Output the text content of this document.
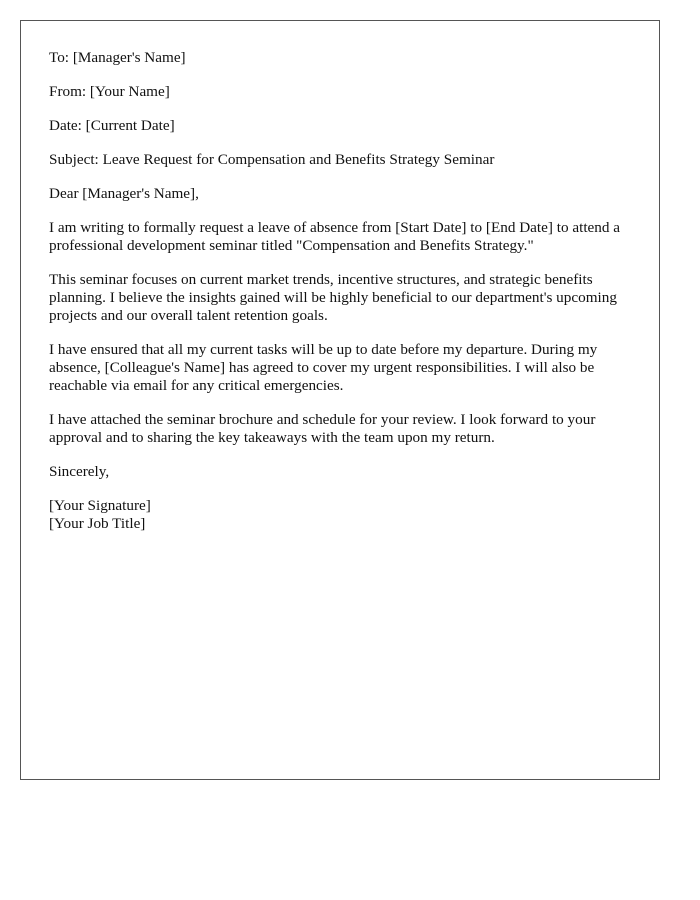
To: [Manager's Name]
From: [Your Name]
Date: [Current Date]
Subject: Leave Request for Compensation and Benefits Strategy Seminar
Dear [Manager's Name],

I am writing to formally request a leave of absence from [Start Date] to [End Date] to attend a professional development seminar titled "Compensation and Benefits Strategy."

This seminar focuses on current market trends, incentive structures, and strategic benefits planning. I believe the insights gained will be highly beneficial to our department's upcoming projects and our overall talent retention goals.

I have ensured that all my current tasks will be up to date before my departure. During my absence, [Colleague's Name] has agreed to cover my urgent responsibilities. I will also be reachable via email for any critical emergencies.

I have attached the seminar brochure and schedule for your review. I look forward to your approval and to sharing the key takeaways with the team upon my return.

Sincerely,
[Your Signature]
[Your Job Title]
